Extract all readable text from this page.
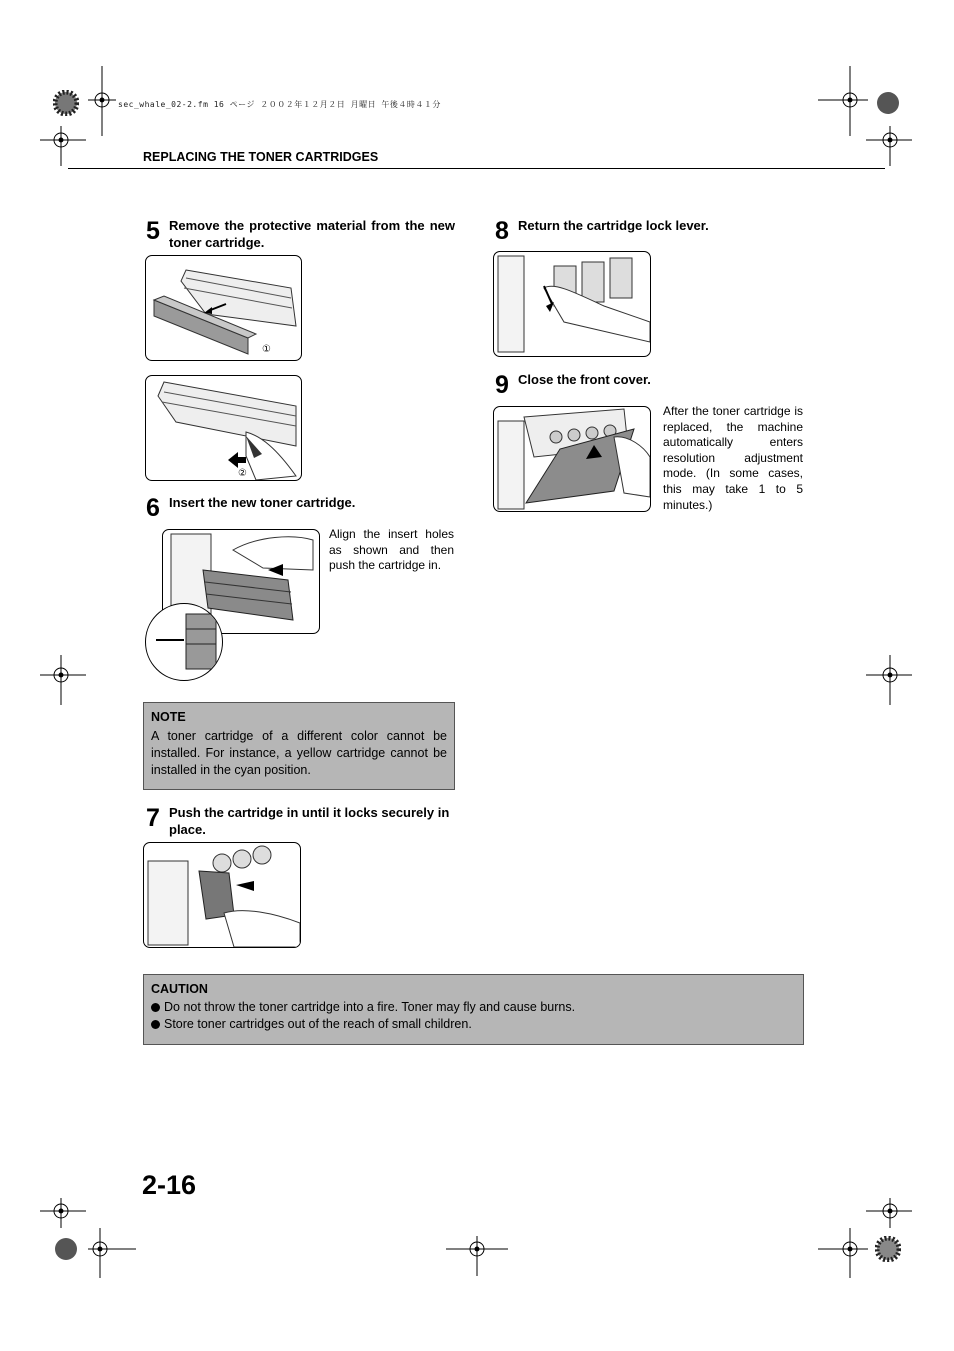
sec_whale_02-2.fm 16 ページ ２００２年１２月２日 月曜日 午後４時４１分
REPLACING THE TONER CARTRIDGES
5 Remove the protective material from the new toner cartridge.
①
②
6 Insert the new toner cartridge.
Align the insert holes as shown and then push the cartridge in.
NOTE
A toner cartridge of a different color cannot be installed. For instance, a yellow cartridge cannot be installed in the cyan position.
7 Push the cartridge in until it locks securely in place.
8 Return the cartridge lock lever.
9 Close the front cover.
After the toner cartridge is replaced, the machine automatically enters resolution adjustment mode. (In some cases, this may take 1 to 5 minutes.)
CAUTION
Do not throw the toner cartridge into a fire. Toner may fly and cause burns.
Store toner cartridges out of the reach of small children.
2-16
